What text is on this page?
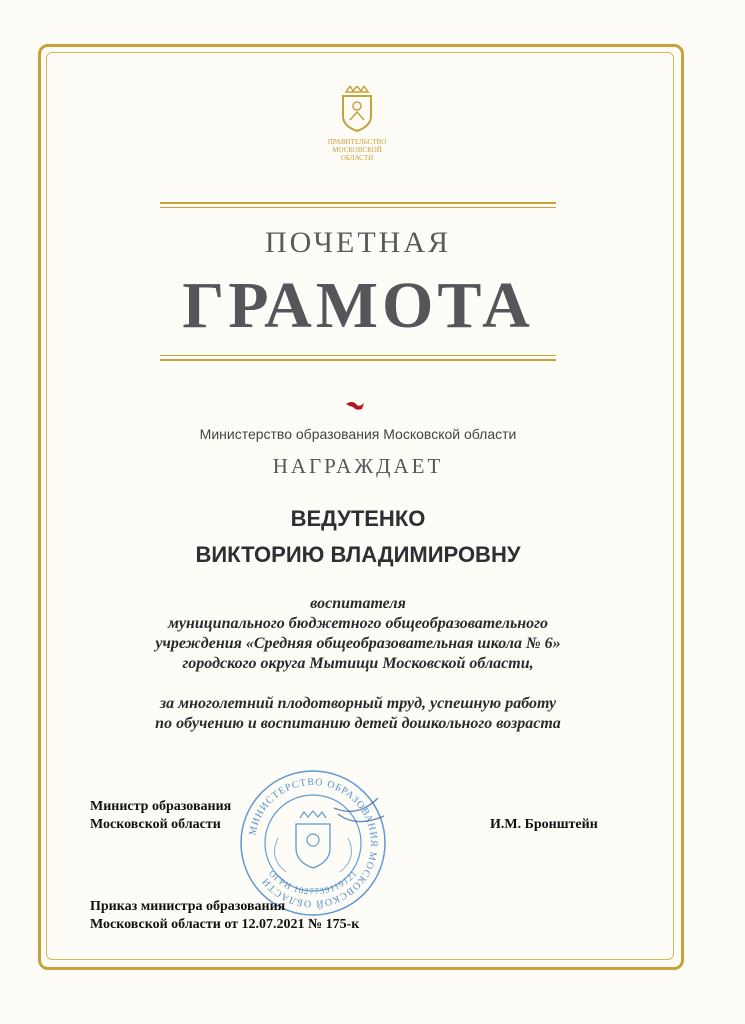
ПРАВИТЕЛЬСТВО
МОСКОВСКОЙ
ОБЛАСТИ
ПОЧЕТНАЯ
ГРАМОТА
Министерство образования Московской области
НАГРАЖДАЕТ
ВЕДУТЕНКО
ВИКТОРИЮ ВЛАДИМИРОВНУ
воспитателя
муниципального бюджетного общеобразовательного
учреждения «Средняя общеобразовательная школа № 6»
городского округа Мытищи Московской области,
за многолетний плодотворный труд, успешную работу
по обучению и воспитанию детей дошкольного возраста
Министр образования
Московской области	И.М. Бронштейн
МИНИСТЕРСТВО ОБРАЗОВАНИЯ МОСКОВСКОЙ ОБЛАСТИ
ОГРН 1027739119121
Приказ министра образования
Московской области от 12.07.2021 № 175-к
